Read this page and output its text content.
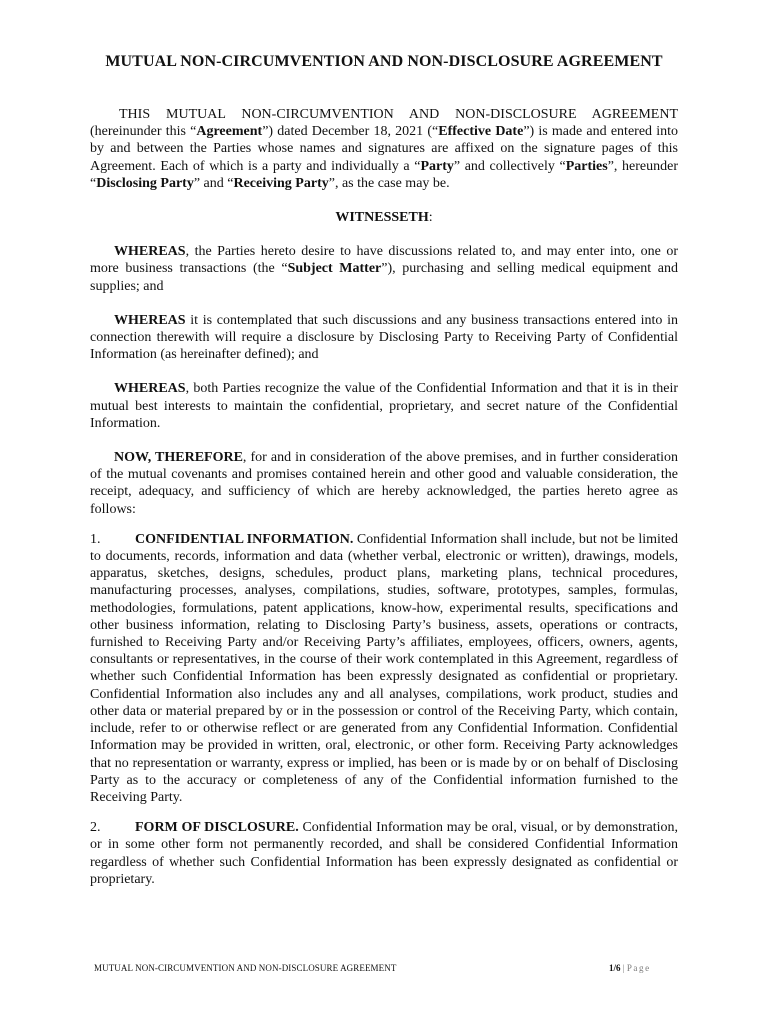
MUTUAL NON-CIRCUMVENTION AND NON-DISCLOSURE AGREEMENT

THIS MUTUAL NON-CIRCUMVENTION AND NON-DISCLOSURE AGREEMENT (hereinunder this “Agreement”) dated December 18, 2021 (“Effective Date”) is made and entered into by and between the Parties whose names and signatures are affixed on the signature pages of this Agreement. Each of which is a party and individually a “Party” and collectively “Parties”, hereunder “Disclosing Party” and “Receiving Party”, as the case may be.

WITNESSETH:

WHEREAS, the Parties hereto desire to have discussions related to, and may enter into, one or more business transactions (the “Subject Matter”), purchasing and selling medical equipment and supplies; and

WHEREAS it is contemplated that such discussions and any business transactions entered into in connection therewith will require a disclosure by Disclosing Party to Receiving Party of Confidential Information (as hereinafter defined); and

WHEREAS, both Parties recognize the value of the Confidential Information and that it is in their mutual best interests to maintain the confidential, proprietary, and secret nature of the Confidential Information.

NOW, THEREFORE, for and in consideration of the above premises, and in further consideration of the mutual covenants and promises contained herein and other good and valuable consideration, the receipt, adequacy, and sufficiency of which are hereby acknowledged, the parties hereto agree as follows:

1. CONFIDENTIAL INFORMATION. Confidential Information shall include, but not be limited to documents, records, information and data (whether verbal, electronic or written), drawings, models, apparatus, sketches, designs, schedules, product plans, marketing plans, technical procedures, manufacturing processes, analyses, compilations, studies, software, prototypes, samples, formulas, methodologies, formulations, patent applications, know-how, experimental results, specifications and other business information, relating to Disclosing Party’s business, assets, operations or contracts, furnished to Receiving Party and/or Receiving Party’s affiliates, employees, officers, owners, agents, consultants or representatives, in the course of their work contemplated in this Agreement, regardless of whether such Confidential Information has been expressly designated as confidential or proprietary. Confidential Information also includes any and all analyses, compilations, work product, studies and other data or material prepared by or in the possession or control of the Receiving Party, which contain, include, refer to or otherwise reflect or are generated from any Confidential Information. Confidential Information may be provided in written, oral, electronic, or other form. Receiving Party acknowledges that no representation or warranty, express or implied, has been or is made by or on behalf of Disclosing Party as to the accuracy or completeness of any of the Confidential information furnished to the Receiving Party.

2. FORM OF DISCLOSURE. Confidential Information may be oral, visual, or by demonstration, or in some other form not permanently recorded, and shall be considered Confidential Information regardless of whether such Confidential Information has been expressly designated as confidential or proprietary.

MUTUAL NON-CIRCUMVENTION AND NON-DISCLOSURE AGREEMENT	1/6 | Page
